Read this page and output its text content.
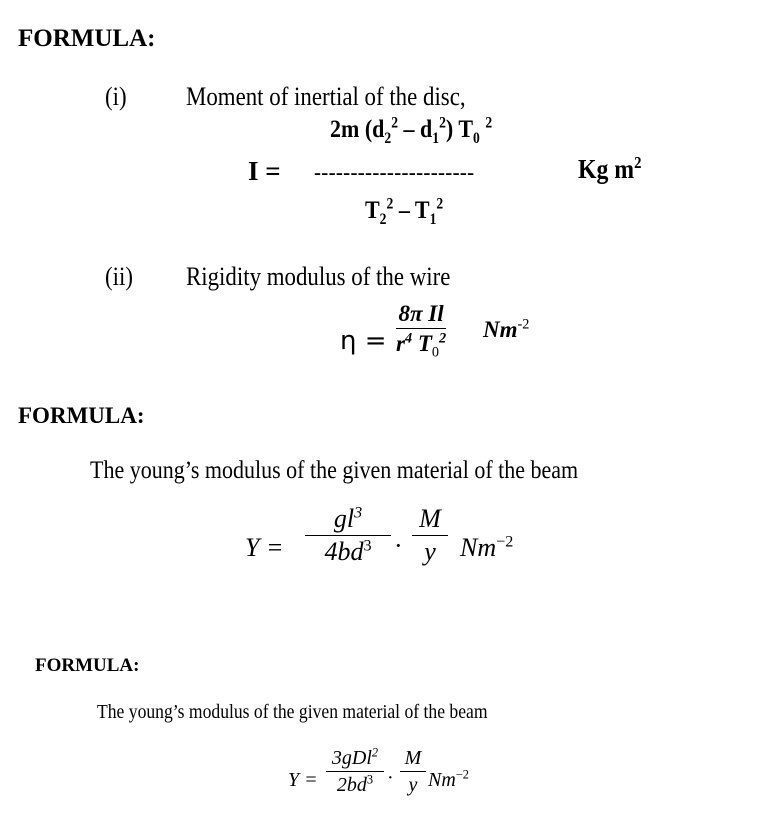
FORMULA:
(i) Moment of inertial of the disc,
2m $(d_2^2 - d_1^2)$ $T_0$ $^2$
I = ----------------------	Kg $m^2$
$T_2^2 - T_1^2$
(ii) Rigidity modulus of the wire
η =
8π Il
$r^4$ $T_0^2$ $Nm^{-2}$
FORMULA:
The young’s modulus of the given material of the beam
Y =
$gl^3$
$4bd^3$ ·
M
y $Nm^{-2}$
FORMULA:
The young’s modulus of the given material of the beam
Y =
3gDl$^2$
$2bd^3$ ·
M
y $Nm^{-2}$
